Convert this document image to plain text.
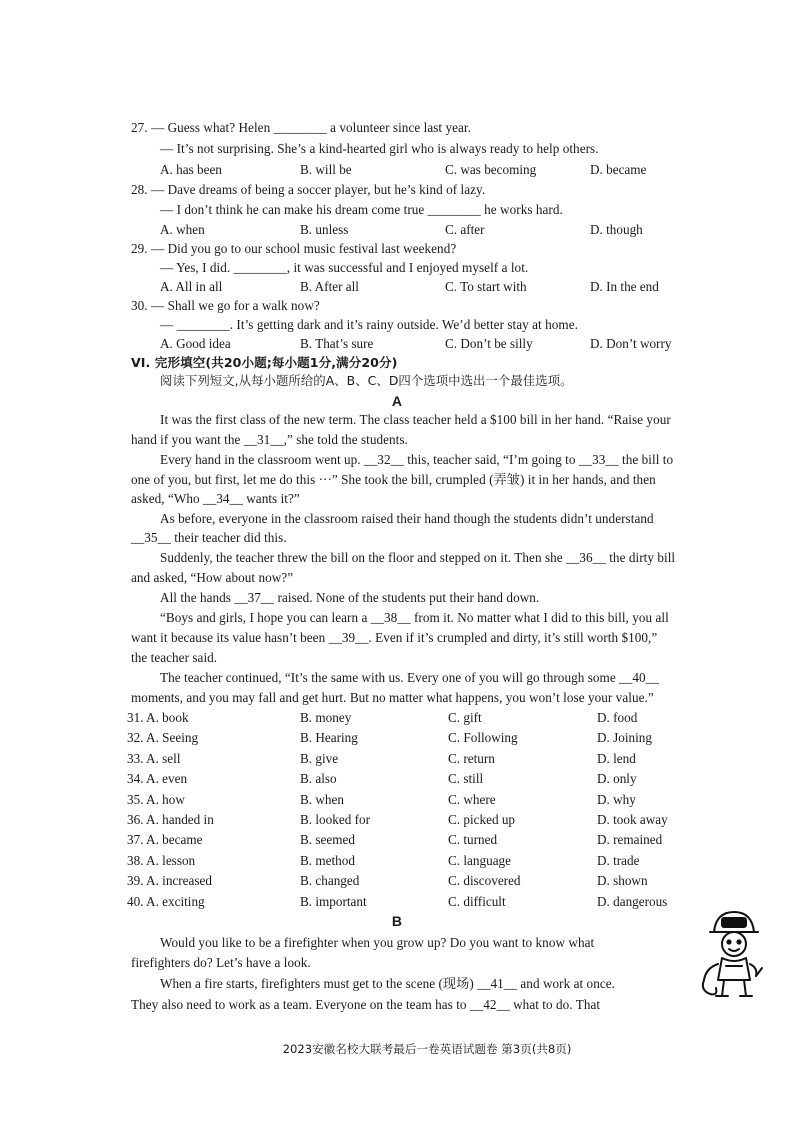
27. — Guess what? Helen ________ a volunteer since last year.
— It’s not surprising. She’s a kind-hearted girl who is always ready to help others.
A. has been	B. will be	C. was becoming	D. became
28. — Dave dreams of being a soccer player, but he’s kind of lazy.
— I don’t think he can make his dream come true ________ he works hard.
A. when	B. unless	C. after	D. though
29. — Did you go to our school music festival last weekend?
— Yes, I did. ________, it was successful and I enjoyed myself a lot.
A. All in all	B. After all	C. To start with	D. In the end
30. — Shall we go for a walk now?
— ________. It’s getting dark and it’s rainy outside. We’d better stay at home.
A. Good idea	B. That’s sure	C. Don’t be silly	D. Don’t worry
VI. 完形填空(共20小题;每小题1分,满分20分)
阅读下列短文,从每小题所给的A、B、C、D四个选项中选出一个最佳选项。
A
It was the first class of the new term. The class teacher held a $100 bill in her hand. “Raise your
hand if you want the __31__,” she told the students.
Every hand in the classroom went up. __32__ this, teacher said, “I’m going to __33__ the bill to
one of you, but first, let me do this ···” She took the bill, crumpled (弄皱) it in her hands, and then
asked, “Who __34__ wants it?”
As before, everyone in the classroom raised their hand though the students didn’t understand
__35__ their teacher did this.
Suddenly, the teacher threw the bill on the floor and stepped on it. Then she __36__ the dirty bill
and asked, “How about now?”
All the hands __37__ raised. None of the students put their hand down.
“Boys and girls, I hope you can learn a __38__ from it. No matter what I did to this bill, you all
want it because its value hasn’t been __39__. Even if it’s crumpled and dirty, it’s still worth $100,”
the teacher said.
The teacher continued, “It’s the same with us. Every one of you will go through some __40__
moments, and you may fall and get hurt. But no matter what happens, you won’t lose your value.”
31. A. book	B. money	C. gift	D. food
32. A. Seeing	B. Hearing	C. Following	D. Joining
33. A. sell	B. give	C. return	D. lend
34. A. even	B. also	C. still	D. only
35. A. how	B. when	C. where	D. why
36. A. handed in	B. looked for	C. picked up	D. took away
37. A. became	B. seemed	C. turned	D. remained
38. A. lesson	B. method	C. language	D. trade
39. A. increased	B. changed	C. discovered	D. shown
40. A. exciting	B. important	C. difficult	D. dangerous
B
Would you like to be a firefighter when you grow up? Do you want to know what
firefighters do? Let’s have a look.
When a fire starts, firefighters must get to the scene (现场) __41__ and work at once.
They also need to work as a team. Everyone on the team has to __42__ what to do. That
2023安徽名校大联考最后一卷英语试题卷 第3页(共8页)
